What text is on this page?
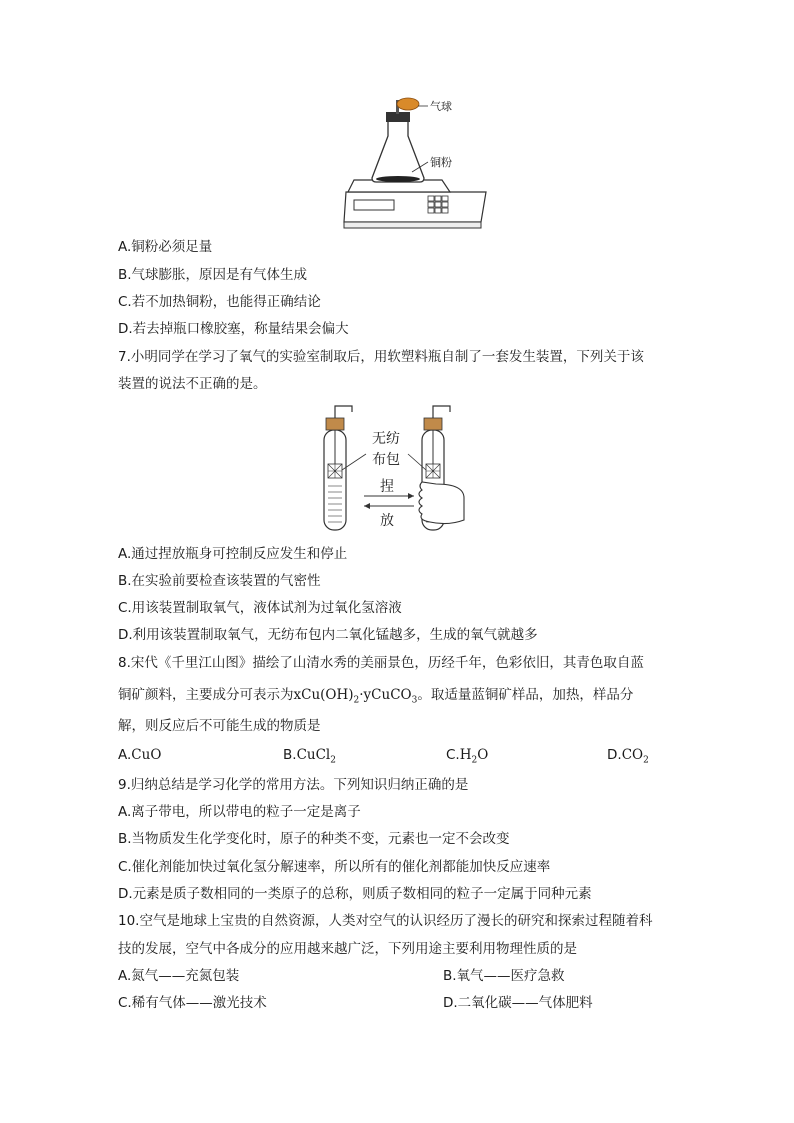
气球
铜粉
A.铜粉必须足量
B.气球膨胀，原因是有气体生成
C.若不加热铜粉，也能得正确结论
D.若去掉瓶口橡胶塞，称量结果会偏大
7.小明同学在学习了氧气的实验室制取后，用软塑料瓶自制了一套发生装置，下列关于该
装置的说法不正确的是。
无纺
布包
捏
放
A.通过捏放瓶身可控制反应发生和停止
B.在实验前要检查该装置的气密性
C.用该装置制取氧气，液体试剂为过氧化氢溶液
D.利用该装置制取氧气，无纺布包内二氧化锰越多，生成的氧气就越多
8.宋代《千里江山图》描绘了山清水秀的美丽景色，历经千年，色彩依旧，其青色取自蓝
铜矿颜料，主要成分可表示为$xCu(OH)_2\cdot yCuCO_3$。取适量蓝铜矿样品，加热，样品分
解，则反应后不可能生成的物质是
A.CuO	B.CuCl$_2$	$C.H_2O$	$D.CO_2$
9.归纳总结是学习化学的常用方法。下列知识归纳正确的是
A.离子带电，所以带电的粒子一定是离子
B.当物质发生化学变化时，原子的种类不变，元素也一定不会改变
C.催化剂能加快过氧化氢分解速率，所以所有的催化剂都能加快反应速率
D.元素是质子数相同的一类原子的总称，则质子数相同的粒子一定属于同种元素
10.空气是地球上宝贵的自然资源，人类对空气的认识经历了漫长的研究和探索过程随着科
技的发展，空气中各成分的应用越来越广泛，下列用途主要利用物理性质的是
A.氮气——充氮包装	B.氧气——医疗急救
C.稀有气体——激光技术	D.二氧化碳——气体肥料
